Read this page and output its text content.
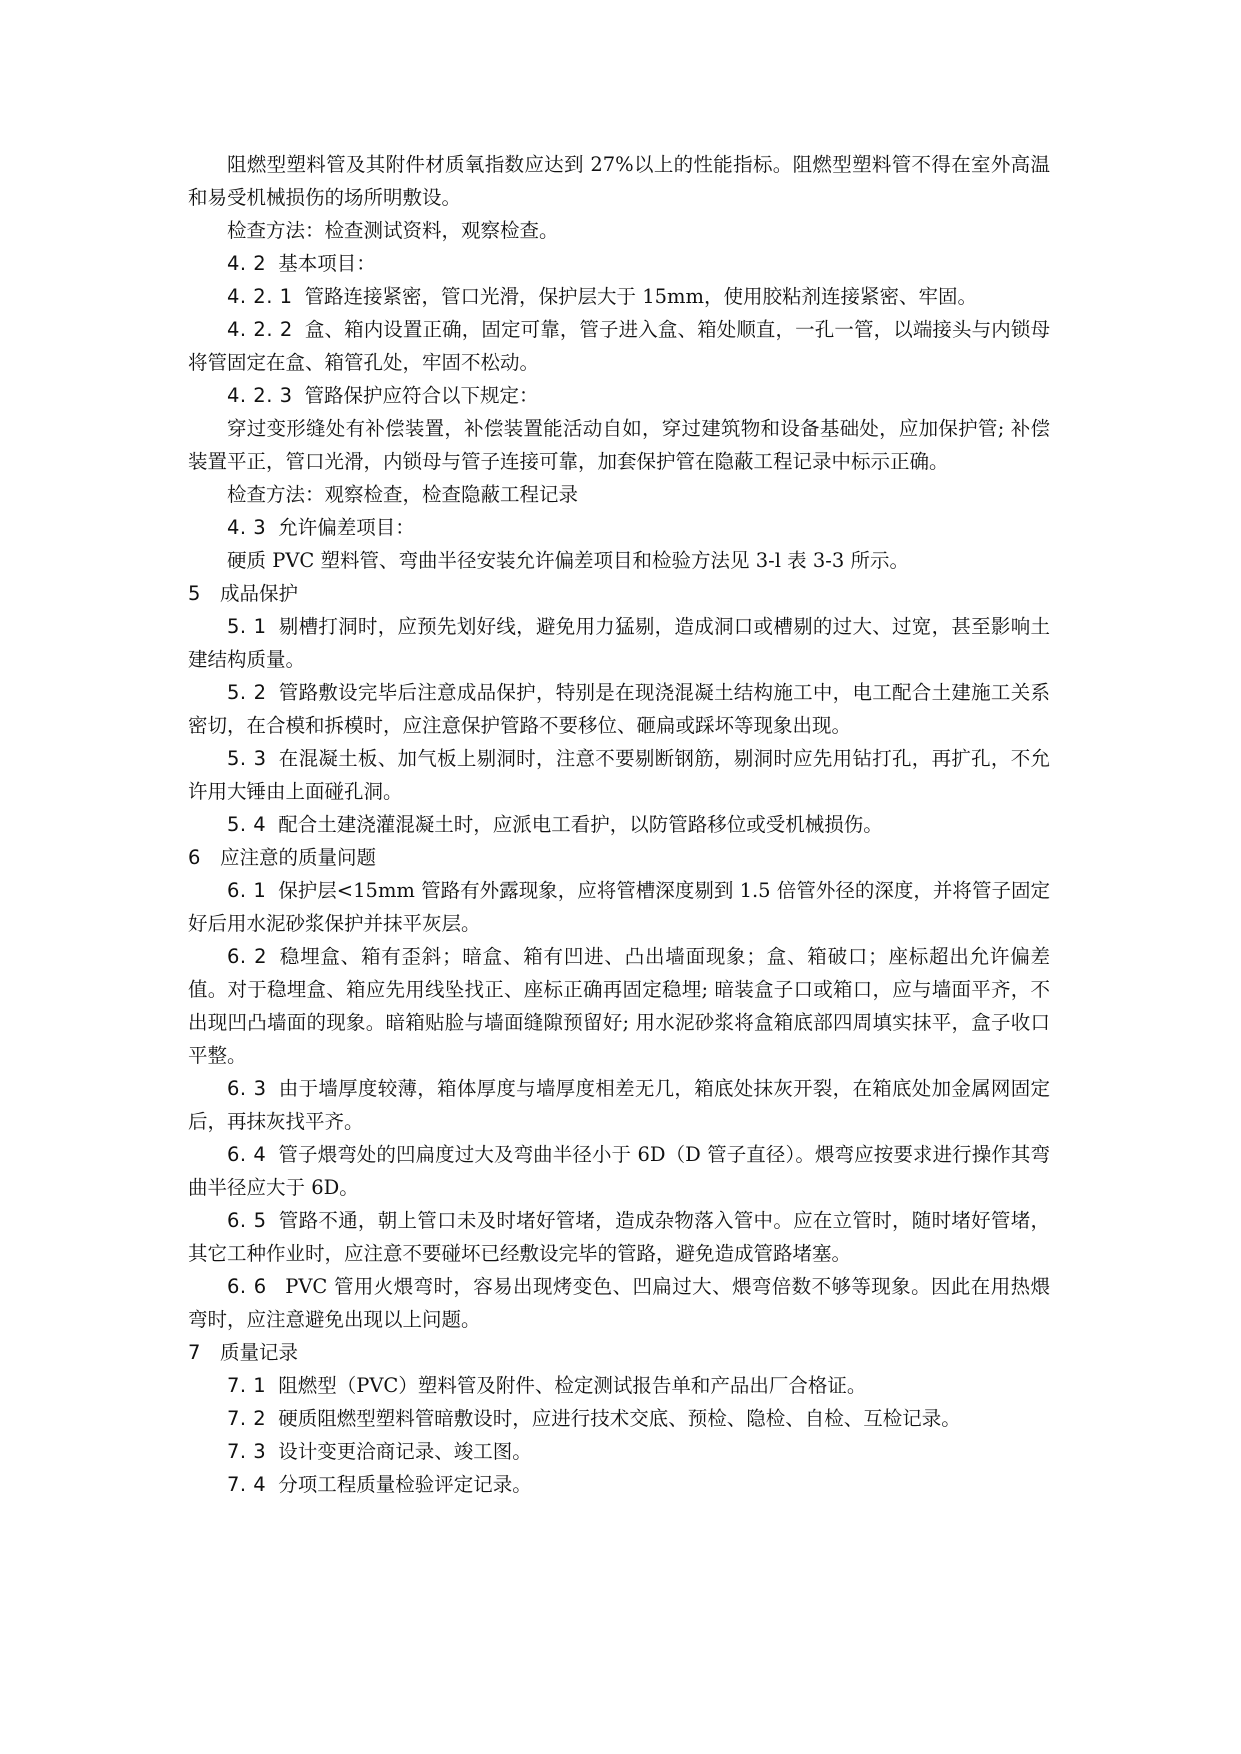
阻燃型塑料管及其附件材质氧指数应达到 27%以上的性能指标。阻燃型塑料管不得在室外高温和易受机械损伤的场所明敷设。

检查方法：检查测试资料，观察检查。

4. 2 基本项目：

4. 2. 1 管路连接紧密，管口光滑，保护层大于 15mm，使用胶粘剂连接紧密、牢固。

4. 2. 2 盒、箱内设置正确，固定可靠，管子进入盒、箱处顺直，一孔一管，以端接头与内锁母将管固定在盒、箱管孔处，牢固不松动。

4. 2. 3 管路保护应符合以下规定：

穿过变形缝处有补偿装置，补偿装置能活动自如，穿过建筑物和设备基础处，应加保护管; 补偿装置平正，管口光滑，内锁母与管子连接可靠，加套保护管在隐蔽工程记录中标示正确。

检查方法：观察检查，检查隐蔽工程记录

4. 3 允许偏差项目：

硬质 PVC 塑料管、弯曲半径安装允许偏差项目和检验方法见 3-l 表 3-3 所示。

5 成品保护

5. 1 剔槽打洞时，应预先划好线，避免用力猛剔，造成洞口或槽剔的过大、过宽，甚至影响土建结构质量。

5. 2 管路敷设完毕后注意成品保护，特别是在现浇混凝土结构施工中，电工配合土建施工关系密切，在合模和拆模时，应注意保护管路不要移位、砸扁或踩坏等现象出现。

5. 3 在混凝土板、加气板上剔洞时，注意不要剔断钢筋，剔洞时应先用钻打孔，再扩孔，不允许用大锤由上面碰孔洞。

5. 4 配合土建浇灌混凝土时，应派电工看护，以防管路移位或受机械损伤。

6 应注意的质量问题

6. 1 保护层<15mm 管路有外露现象，应将管槽深度剔到 1.5 倍管外径的深度，并将管子固定好后用水泥砂浆保护并抹平灰层。

6. 2 稳埋盒、箱有歪斜；暗盒、箱有凹进、凸出墙面现象；盒、箱破口；座标超出允许偏差值。对于稳埋盒、箱应先用线坠找正、座标正确再固定稳埋; 暗装盒子口或箱口，应与墙面平齐，不出现凹凸墙面的现象。暗箱贴脸与墙面缝隙预留好; 用水泥砂浆将盒箱底部四周填实抹平，盒子收口平整。

6. 3 由于墙厚度较薄，箱体厚度与墙厚度相差无几，箱底处抹灰开裂，在箱底处加金属网固定后，再抹灰找平齐。

6. 4 管子煨弯处的凹扁度过大及弯曲半径小于 6D（D 管子直径）。煨弯应按要求进行操作其弯曲半径应大于 6D。

6. 5 管路不通，朝上管口未及时堵好管堵，造成杂物落入管中。应在立管时，随时堵好管堵，其它工种作业时，应注意不要碰坏已经敷设完毕的管路，避免造成管路堵塞。

6. 6 PVC 管用火煨弯时，容易出现烤变色、凹扁过大、煨弯倍数不够等现象。因此在用热煨弯时，应注意避免出现以上问题。

7 质量记录

7. 1 阻燃型（PVC）塑料管及附件、检定测试报告单和产品出厂合格证。

7. 2 硬质阻燃型塑料管暗敷设时，应进行技术交底、预检、隐检、自检、互检记录。

7. 3 设计变更洽商记录、竣工图。

7. 4 分项工程质量检验评定记录。
